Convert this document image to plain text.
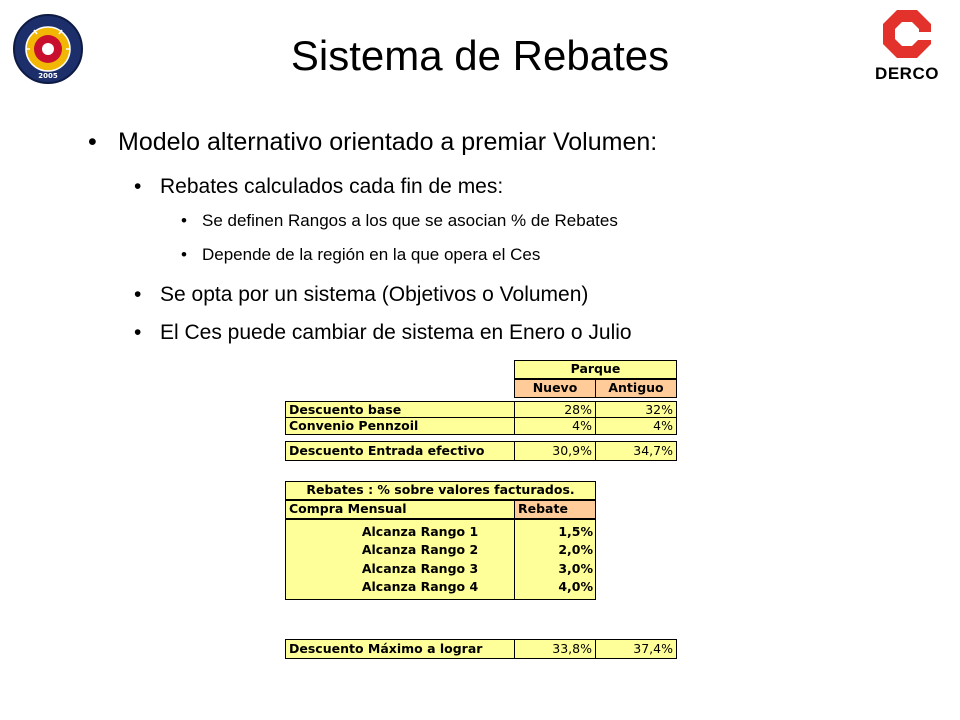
2005	Sistema de Rebates	DERCO
• Modelo alternativo orientado a premiar Volumen:
• Rebates calculados cada fin de mes:
• Se definen Rangos a los que se asocian % de Rebates
• Depende de la región en la que opera el Ces
• Se opta por un sistema (Objetivos o Volumen)
• El Ces puede cambiar de sistema en Enero o Julio
Parque
Nuevo	Antiguo
Descuento base	28%	32%
Convenio Pennzoil	4%	4%
Descuento Entrada efectivo	30,9%	34,7%
Rebates : % sobre valores facturados.
Compra Mensual	Rebate
Alcanza Rango 1	1,5%
Alcanza Rango 2	2,0%
Alcanza Rango 3	3,0%
Alcanza Rango 4	4,0%
Descuento Máximo a lograr	33,8%	37,4%
